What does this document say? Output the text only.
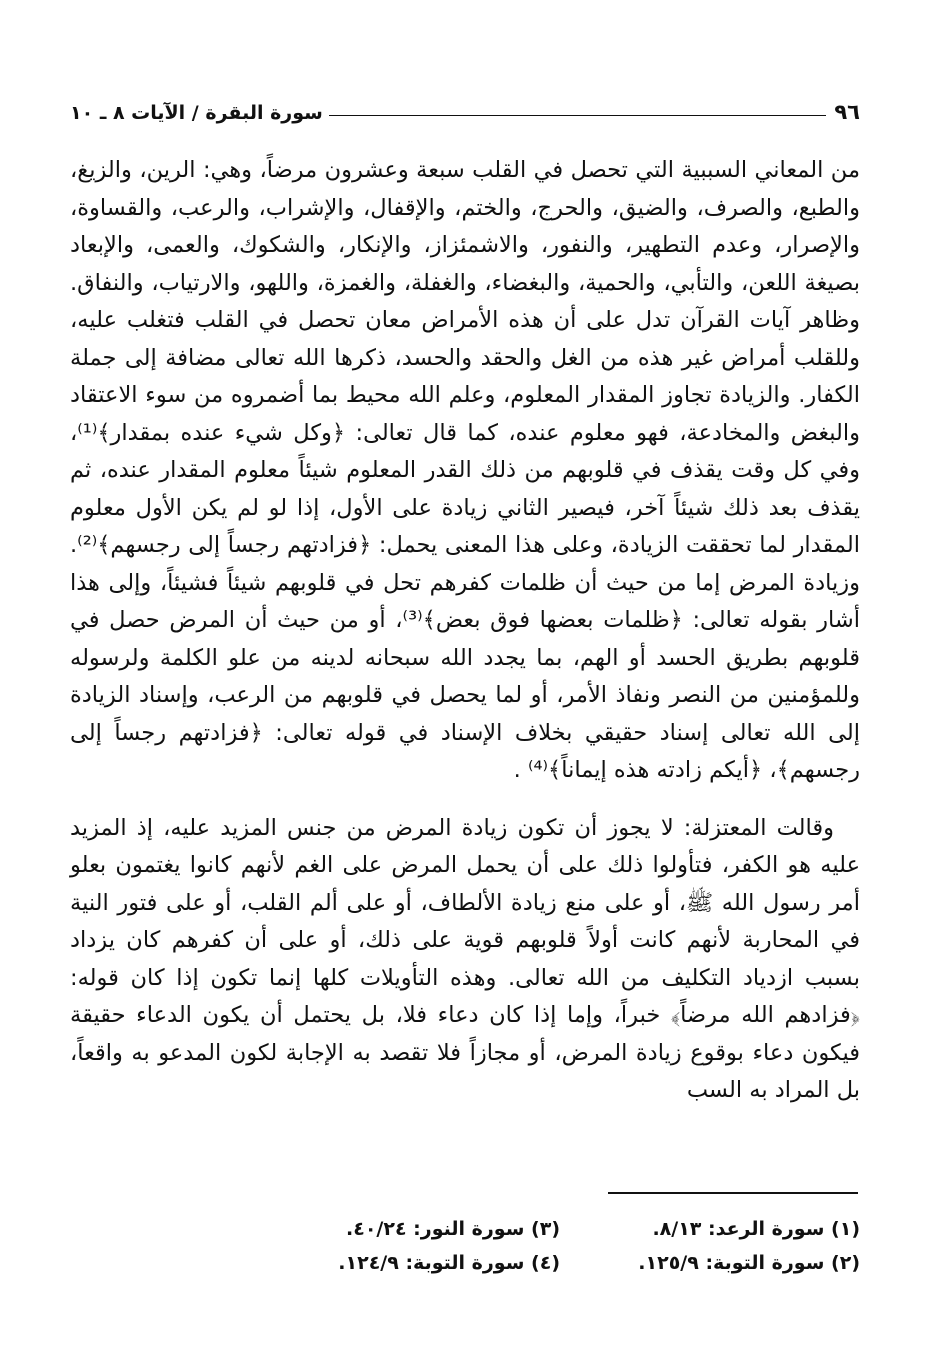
٩٦
سورة البقرة / الآيات ٨ ـ ١٠

من المعاني السببية التي تحصل في القلب سبعة وعشرون مرضاً، وهي: الرين، والزيغ، والطبع، والصرف، والضيق، والحرج، والختم، والإقفال، والإشراب، والرعب، والقساوة، والإصرار، وعدم التطهير، والنفور، والاشمئزاز، والإنكار، والشكوك، والعمى، والإبعاد بصيغة اللعن، والتأبي، والحمية، والبغضاء، والغفلة، والغمزة، واللهو، والارتياب، والنفاق. وظاهر آيات القرآن تدل على أن هذه الأمراض معان تحصل في القلب فتغلب عليه، وللقلب أمراض غير هذه من الغل والحقد والحسد، ذكرها الله تعالى مضافة إلى جملة الكفار. والزيادة تجاوز المقدار المعلوم، وعلم الله محيط بما أضمروه من سوء الاعتقاد والبغض والمخادعة، فهو معلوم عنده، كما قال تعالى: ﴿وكل شيء عنده بمقدار﴾⁽¹⁾، وفي كل وقت يقذف في قلوبهم من ذلك القدر المعلوم شيئاً معلوم المقدار عنده، ثم يقذف بعد ذلك شيئاً آخر، فيصير الثاني زيادة على الأول، إذا لو لم يكن الأول معلوم المقدار لما تحققت الزيادة، وعلى هذا المعنى يحمل: ﴿فزادتهم رجساً إلى رجسهم﴾⁽²⁾. وزيادة المرض إما من حيث أن ظلمات كفرهم تحل في قلوبهم شيئاً فشيئاً، وإلى هذا أشار بقوله تعالى: ﴿ظلمات بعضها فوق بعض﴾⁽³⁾، أو من حيث أن المرض حصل في قلوبهم بطريق الحسد أو الهم، بما يجدد الله سبحانه لدينه من علو الكلمة ولرسوله وللمؤمنين من النصر ونفاذ الأمر، أو لما يحصل في قلوبهم من الرعب، وإسناد الزيادة إلى الله تعالى إسناد حقيقي بخلاف الإسناد في قوله تعالى: ﴿فزادتهم رجساً إلى رجسهم﴾، ﴿أيكم زادته هذه إيماناً﴾⁽⁴⁾ .

وقالت المعتزلة: لا يجوز أن تكون زيادة المرض من جنس المزيد عليه، إذ المزيد عليه هو الكفر، فتأولوا ذلك على أن يحمل المرض على الغم لأنهم كانوا يغتمون بعلو أمر رسول الله ﷺ، أو على منع زيادة الألطاف، أو على ألم القلب، أو على فتور النية في المحاربة لأنهم كانت أولاً قلوبهم قوية على ذلك، أو على أن كفرهم كان يزداد بسبب ازدياد التكليف من الله تعالى. وهذه التأويلات كلها إنما تكون إذا كان قوله: ﴿فزادهم الله مرضاً﴾ خبراً، وإما إذا كان دعاء فلا، بل يحتمل أن يكون الدعاء حقيقة فيكون دعاء بوقوع زيادة المرض، أو مجازاً فلا تقصد به الإجابة لكون المدعو به واقعاً، بل المراد به السب

(١) سورة الرعد: ٨/١٣.
(٣) سورة النور: ٤٠/٢٤.
(٢) سورة التوبة: ١٢٥/٩.
(٤) سورة التوبة: ١٢٤/٩.
